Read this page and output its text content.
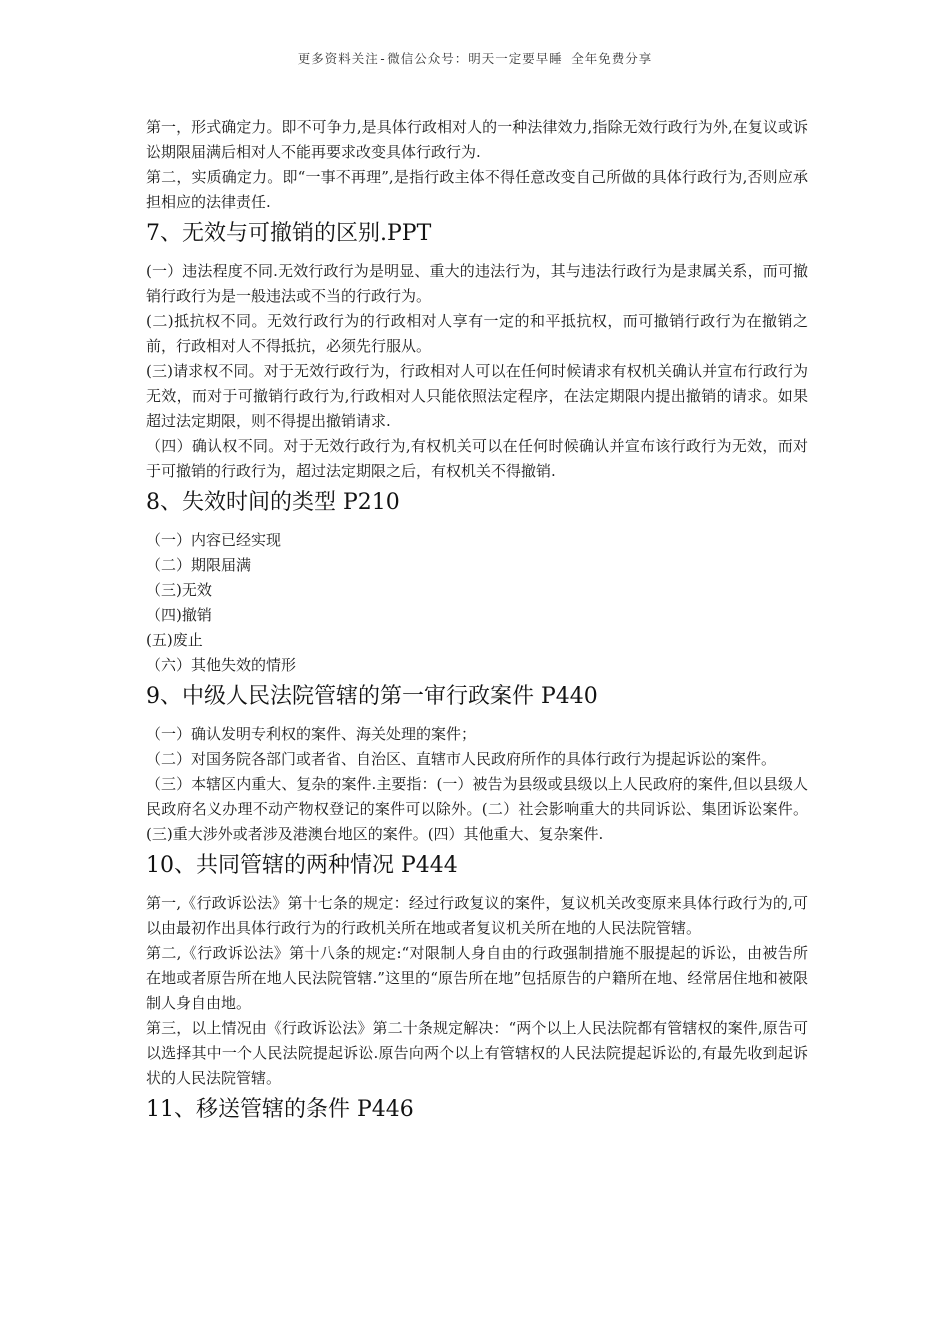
更多资料关注-微信公众号：明天一定要早睡 全年免费分享

第一，形式确定力。即不可争力,是具体行政相对人的一种法律效力,指除无效行政行为外,在复议或诉讼期限届满后相对人不能再要求改变具体行政行为.

第二，实质确定力。即“一事不再理”,是指行政主体不得任意改变自己所做的具体行政行为,否则应承担相应的法律责任.

7、无效与可撤销的区别.PPT

(一）违法程度不同.无效行政行为是明显、重大的违法行为，其与违法行政行为是隶属关系，而可撤销行政行为是一般违法或不当的行政行为。

(二)抵抗权不同。无效行政行为的行政相对人享有一定的和平抵抗权，而可撤销行政行为在撤销之前，行政相对人不得抵抗，必须先行服从。

(三)请求权不同。对于无效行政行为，行政相对人可以在任何时候请求有权机关确认并宣布行政行为无效，而对于可撤销行政行为,行政相对人只能依照法定程序，在法定期限内提出撤销的请求。如果超过法定期限，则不得提出撤销请求.

（四）确认权不同。对于无效行政行为,有权机关可以在任何时候确认并宣布该行政行为无效，而对于可撤销的行政行为，超过法定期限之后，有权机关不得撤销.

8、失效时间的类型 P210

（一）内容已经实现

（二）期限届满

（三)无效

（四)撤销

(五)废止

（六）其他失效的情形

9、中级人民法院管辖的第一审行政案件 P440

（一）确认发明专利权的案件、海关处理的案件；

（二）对国务院各部门或者省、自治区、直辖市人民政府所作的具体行政行为提起诉讼的案件。

（三）本辖区内重大、复杂的案件.主要指：(一）被告为县级或县级以上人民政府的案件,但以县级人民政府名义办理不动产物权登记的案件可以除外。(二）社会影响重大的共同诉讼、集团诉讼案件。(三)重大涉外或者涉及港澳台地区的案件。(四）其他重大、复杂案件.

10、共同管辖的两种情况 P444

第一,《行政诉讼法》第十七条的规定：经过行政复议的案件，复议机关改变原来具体行政行为的,可以由最初作出具体行政行为的行政机关所在地或者复议机关所在地的人民法院管辖。

第二,《行政诉讼法》第十八条的规定:“对限制人身自由的行政强制措施不服提起的诉讼，由被告所在地或者原告所在地人民法院管辖.”这里的“原告所在地”包括原告的户籍所在地、经常居住地和被限制人身自由地。

第三，以上情况由《行政诉讼法》第二十条规定解决：“两个以上人民法院都有管辖权的案件,原告可以选择其中一个人民法院提起诉讼.原告向两个以上有管辖权的人民法院提起诉讼的,有最先收到起诉状的人民法院管辖。

11、移送管辖的条件 P446
